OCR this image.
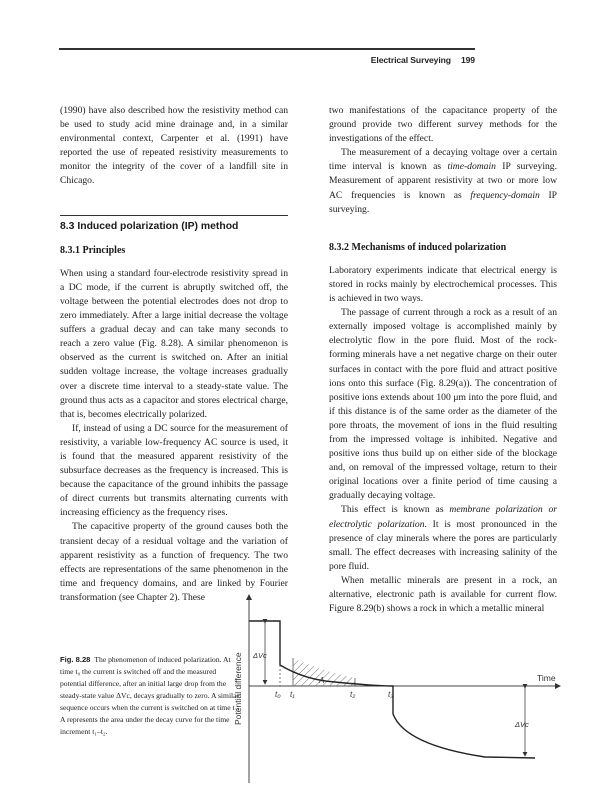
Electrical Surveying 199

(1990) have also described how the resistivity method can be used to study acid mine drainage and, in a similar environmental context, Carpenter et al. (1991) have reported the use of repeated resistivity measurements to monitor the integrity of the cover of a landfill site in Chicago.

8.3 Induced polarization (IP) method
8.3.1 Principles

When using a standard four-electrode resistivity spread in a DC mode, if the current is abruptly switched off, the voltage between the potential electrodes does not drop to zero immediately. After a large initial decrease the voltage suffers a gradual decay and can take many seconds to reach a zero value (Fig. 8.28). A similar phenomenon is observed as the current is switched on. After an initial sudden voltage increase, the voltage increases gradually over a discrete time interval to a steady-state value. The ground thus acts as a capacitor and stores electrical charge, that is, becomes electrically polarized.

If, instead of using a DC source for the measurement of resistivity, a variable low-frequency AC source is used, it is found that the measured apparent resistivity of the subsurface decreases as the frequency is increased. This is because the capacitance of the ground inhibits the passage of direct currents but transmits alternating currents with increasing efficiency as the frequency rises.

The capacitive property of the ground causes both the transient decay of a residual voltage and the variation of apparent resistivity as a function of frequency. The two effects are representations of the same phenomenon in the time and frequency domains, and are linked by Fourier transformation (see Chapter 2). These

two manifestations of the capacitance property of the ground provide two different survey methods for the investigations of the effect.

The measurement of a decaying voltage over a certain time interval is known as time-domain IP surveying. Measurement of apparent resistivity at two or more low AC frequencies is known as frequency-domain IP surveying.

8.3.2 Mechanisms of induced polarization

Laboratory experiments indicate that electrical energy is stored in rocks mainly by electrochemical processes. This is achieved in two ways.

The passage of current through a rock as a result of an externally imposed voltage is accomplished mainly by electrolytic flow in the pore fluid. Most of the rock-forming minerals have a net negative charge on their outer surfaces in contact with the pore fluid and attract positive ions onto this surface (Fig. 8.29(a)). The concentration of positive ions extends about 100 μm into the pore fluid, and if this distance is of the same order as the diameter of the pore throats, the movement of ions in the fluid resulting from the impressed voltage is inhibited. Negative and positive ions thus build up on either side of the blockage and, on removal of the impressed voltage, return to their original locations over a finite period of time causing a gradually decaying voltage.

This effect is known as membrane polarization or electrolytic polarization. It is most pronounced in the presence of clay minerals where the pores are particularly small. The effect decreases with increasing salinity of the pore fluid.

When metallic minerals are present in a rock, an alternative, electronic path is available for current flow. Figure 8.29(b) shows a rock in which a metallic mineral

Fig. 8.28 The phenomenon of induced polarization. At time t₀ the current is switched off and the measured potential difference, after an initial large drop from the steady-state value ΔVc, decays gradually to zero. A similar sequence occurs when the current is switched on at time t₃. A represents the area under the decay curve for the time increment t₁–t₂.
Potential difference	Time
ΔVc
ΔVc
t₀ t₁	t₂	t₃
A
